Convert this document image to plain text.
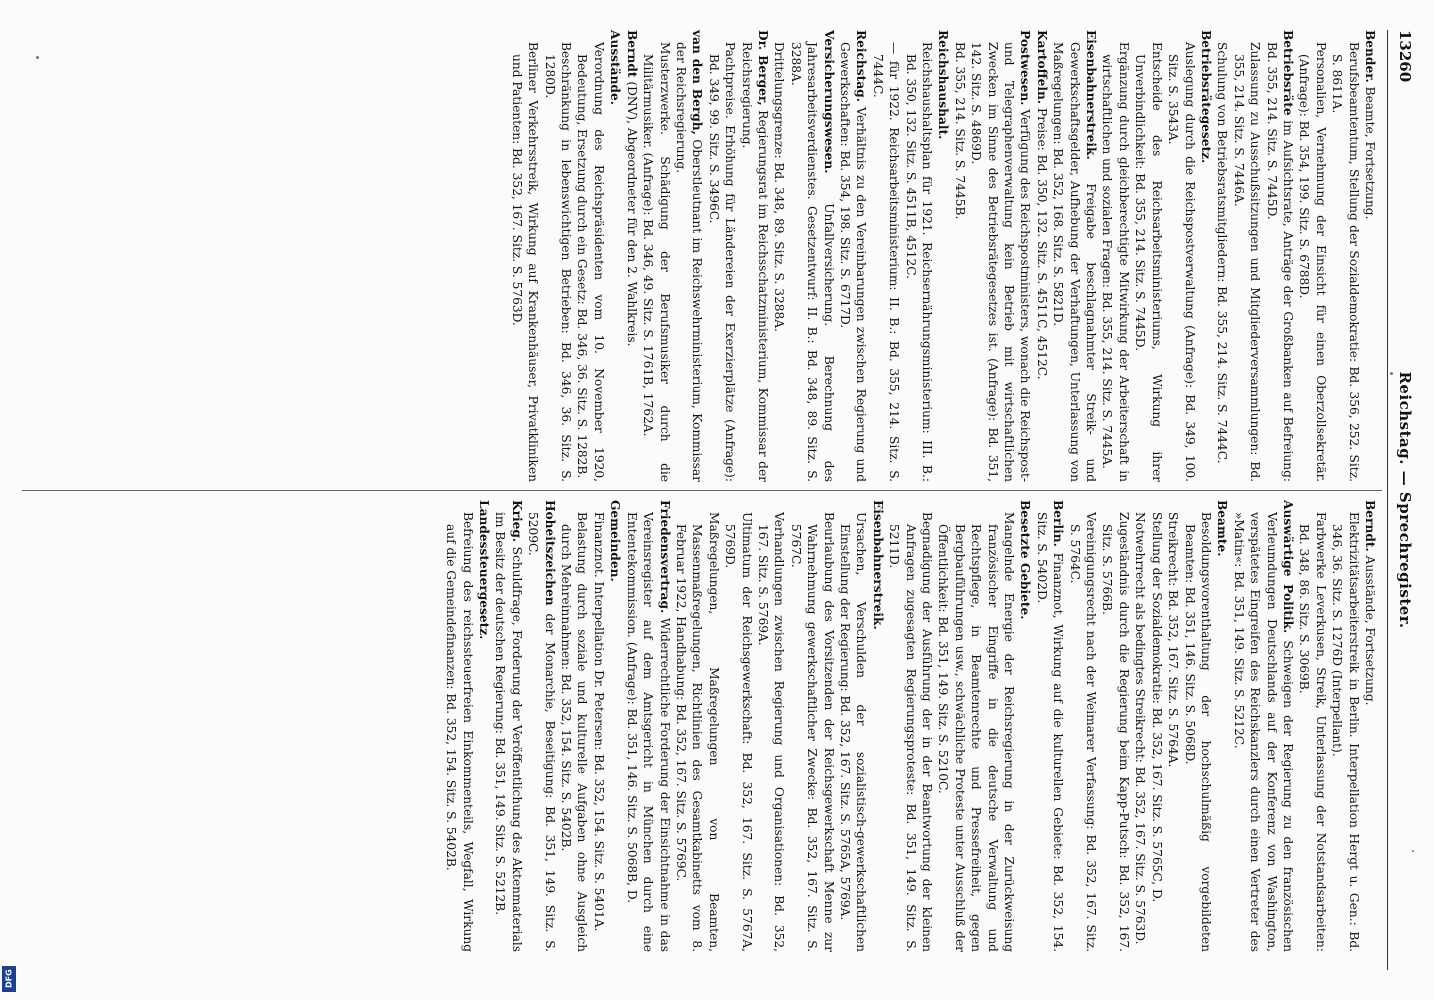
13260
Reichstag. — Sprechregister.

Bender. Beamte, Fortsetzung.

Berufsbeamtentum, Stellung der Sozialdemokratie: Bd. 356, 252. Sitz. S. 8611A.

Personalien, Vernehmung der Einsicht für einen Oberzollsekretär. (Anfrage): Bd. 354, 199. Sitz. S. 6788D.

Betriebsräte im Aufsichtsrate, Anträge der Großbanken auf Befreiung: Bd. 355, 214. Sitz. S. 7445D.

Zulassung zu Ausschußsitzungen und Mitgliederversammlungen: Bd. 355, 214. Sitz. S. 7446A.

Schulung von Betriebsratsmitgliedern: Bd. 355, 214. Sitz. S. 7444C.

Betriebsrätegesetz.

Auslegung durch die Reichspostverwaltung (Anfrage): Bd. 349, 100. Sitz. S. 3543A.

Entscheide des Reichsarbeitsministeriums, Wirkung ihrer Unverbindlichkeit: Bd. 355, 214. Sitz. S. 7445D.

Ergänzung durch gleichberechtigte Mitwirkung der Arbeiterschaft in wirtschaftlichen und sozialen Fragen: Bd. 355, 214. Sitz. S. 7445A.

Eisenbahnerstreik. Freigabe beschlagnahmter Streik- und Gewerkschaftsgelder, Aufhebung der Verhaftungen, Unterlassung von Maßregelungen: Bd. 352, 168. Sitz. S. 5821D.

Kartoffeln. Preise: Bd. 350, 132. Sitz. S. 4511C, 4512C.

Postwesen. Verfügung des Reichspostministers, wonach die Reichspost- und Telegraphenverwaltung kein Betrieb mit wirtschaftlichen Zwecken im Sinne des Betriebsrätegesetzes ist. (Anfrage): Bd. 351, 142. Sitz. S. 4869D.

Bd. 355, 214. Sitz. S. 7445B.

Reichshaushalt.

Reichshaushaltsplan für 1921. Reichsernährungsministerium: III. B.: Bd. 350, 132. Sitz. S. 4511B, 4512C.

— für 1922. Reichsarbeitsministerium: II. B.: Bd. 355, 214. Sitz. S. 7444C.

Reichstag. Verhältnis zu den Vereinbarungen zwischen Regierung und Gewerkschaften: Bd. 354, 198. Sitz. S. 6717D.

Versicherungswesen. Unfallversicherung. Berechnung des Jahresarbeitsverdienstes. Gesetzentwurf: II. B.: Bd. 348, 89. Sitz. S. 3288A.

Drittelungsgrenze: Bd. 348, 89. Sitz. S. 3288A.

Dr. Berger, Regierungsrat im Reichsschatzministerium, Kommissar der Reichsregierung.

Pachtpreise. Erhöhung für Ländereien der Exerzierplätze (Anfrage): Bd. 349, 99. Sitz. S. 3496C.

van den Bergh, Oberstleutnant im Reichswehrministerium, Kommissar der Reichsregierung.

Musterzwerke. Schädigung der Berufsmusiker durch die Militärmusiker. (Anfrage): Bd. 346, 49. Sitz. S. 1761B, 1762A.

Berndt (DNV), Abgeordneter für den 2. Wahlkreis.

Ausstände.

Verordnung des Reichspräsidenten vom 10. November 1920, Bedeutung, Ersetzung durch ein Gesetz: Bd. 346, 36. Sitz. S. 1282B.

Beschränkung in lebenswichtigen Betrieben: Bd. 346, 36. Sitz. S. 1280D.

Berliner Verkehrsstreik, Wirkung auf Krankenhäuser, Privatkliniken und Patienten: Bd. 352, 167. Sitz. S. 5763D.

Berndt. Ausstände, Fortsetzung.

Elektrizitätsarbeiterstreik in Berlin. Interpellation Hergt u. Gen.: Bd. 346, 36. Sitz. S. 1276D (Interpellant).

Farbwerke Leverkusen, Streik, Unterlassung der Notstandsarbeiten: Bd. 348, 86. Sitz. S. 3069B.

Auswärtige Politik. Schweigen der Regierung zu den französischen Verleumdungen Deutschlands auf der Konferenz von Washington, verspätetes Eingreifen des Reichskanzlers durch einen Vertreter des »Matin«: Bd. 351, 149. Sitz. S. 5212C.

Beamte.

Besoldungsvorenthaltung der hochschulmäßig vorgebildeten Beamten: Bd. 351, 146. Sitz. S. 5068D.

Streikrecht: Bd. 352, 167. Sitz. S. 5764A.

Stellung der Sozialdemokratie: Bd. 352, 167. Sitz. S. 5765C, D.

Notwehrrecht als bedingtes Streikrecht: Bd. 352, 167. Sitz. S. 5763D.

Zugeständnis durch die Regierung beim Kapp-Putsch: Bd. 352, 167. Sitz. S. 5766B.

Vereinigungsrecht nach der Weimarer Verfassung: Bd. 352, 167. Sitz. S. 5764C.

Berlin. Finanznot, Wirkung auf die kulturellen Gebiete: Bd. 352, 154. Sitz. S. 5402D.

Besetzte Gebiete.

Mangelnde Energie der Reichsregierung in der Zurückweisung französischer Eingriffe in die deutsche Verwaltung und Rechtspflege, in Beamtenrechte und Pressefreiheit, gegen Bergbauführungen usw., schwächliche Proteste unter Ausschluß der Öffentlichkeit: Bd. 351, 149. Sitz. S. 5210C.

Begnadigung der Ausführung der in der Beantwortung der kleinen Anfragen zugesagten Regierungsproteste: Bd. 351, 149. Sitz. S. 5211D.

Eisenbahnerstreik.

Ursachen, Verschulden der sozialistisch-gewerkschaftlichen Einstellung der Regierung: Bd. 352, 167. Sitz. S. 5765A, 5769A.

Beurlaubung des Vorsitzenden der Reichsgewerkschaft Menne zur Wahrnehmung gewerkschaftlicher Zwecke: Bd. 352, 167. Sitz. S. 5767C.

Verhandlungen zwischen Regierung und Organisationen: Bd. 352, 167. Sitz. S. 5769A.

Ultimatum der Reichsgewerkschaft: Bd. 352, 167. Sitz. S. 5767A, 5769D.

Maßregelungen, Maßregelungen von Beamten, Massenmaßregelungen, Richtlinien des Gesamtkabinetts vom 8. Februar 1922, Handhabung: Bd. 352, 167. Sitz. S. 5769C.

Friedensvertrag. Widerrechtliche Forderung der Einsichtnahme in das Vereinsregister auf dem Amtsgericht in München durch eine Ententekommission. (Anfrage): Bd. 351, 146. Sitz. S. 5068B, D.

Gemeinden.

Finanznot. Interpellation Dr. Petersen: Bd. 352, 154. Sitz. S. 5401A.

Belastung durch soziale und kulturelle Aufgaben ohne Ausgleich durch Mehreinnahmen: Bd. 352, 154. Sitz. S. 5402B.

Hoheitszeichen der Monarchie, Beseitigung: Bd. 351, 149. Sitz. S. 5209C.

Krieg. Schuldfrage, Forderung der Veröffentlichung des Aktenmaterials im Besitz der deutschen Regierung: Bd. 351, 149. Sitz. S. 5212B.

Landessteuergesetz.

Befreiung des reichssteuerfreien Einkommenteils, Wegfall, Wirkung auf die Gemeindefinanzen: Bd. 352, 154. Sitz. S. 5402B.

DFG
